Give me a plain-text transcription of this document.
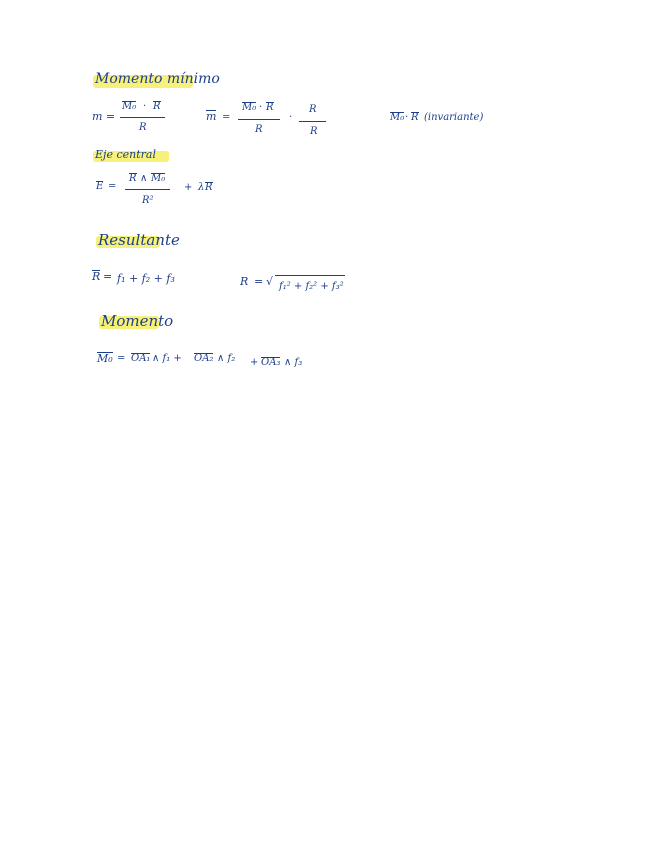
Momento mínimo
Eje central
Resultante
Momento
m =
M₀ · R
R
m =
M₀ · R
R
·
R
R
M₀ · R (invariante)
E =
R ∧ M₀
R²
+ λ R
R = f₁ + f₂ + f₃	R = √ f₁² + f₂² + f₃²
M₀ = OA₁ ∧ f₁ + OA₂ ∧ f₂ + OA₃ ∧ f₃
